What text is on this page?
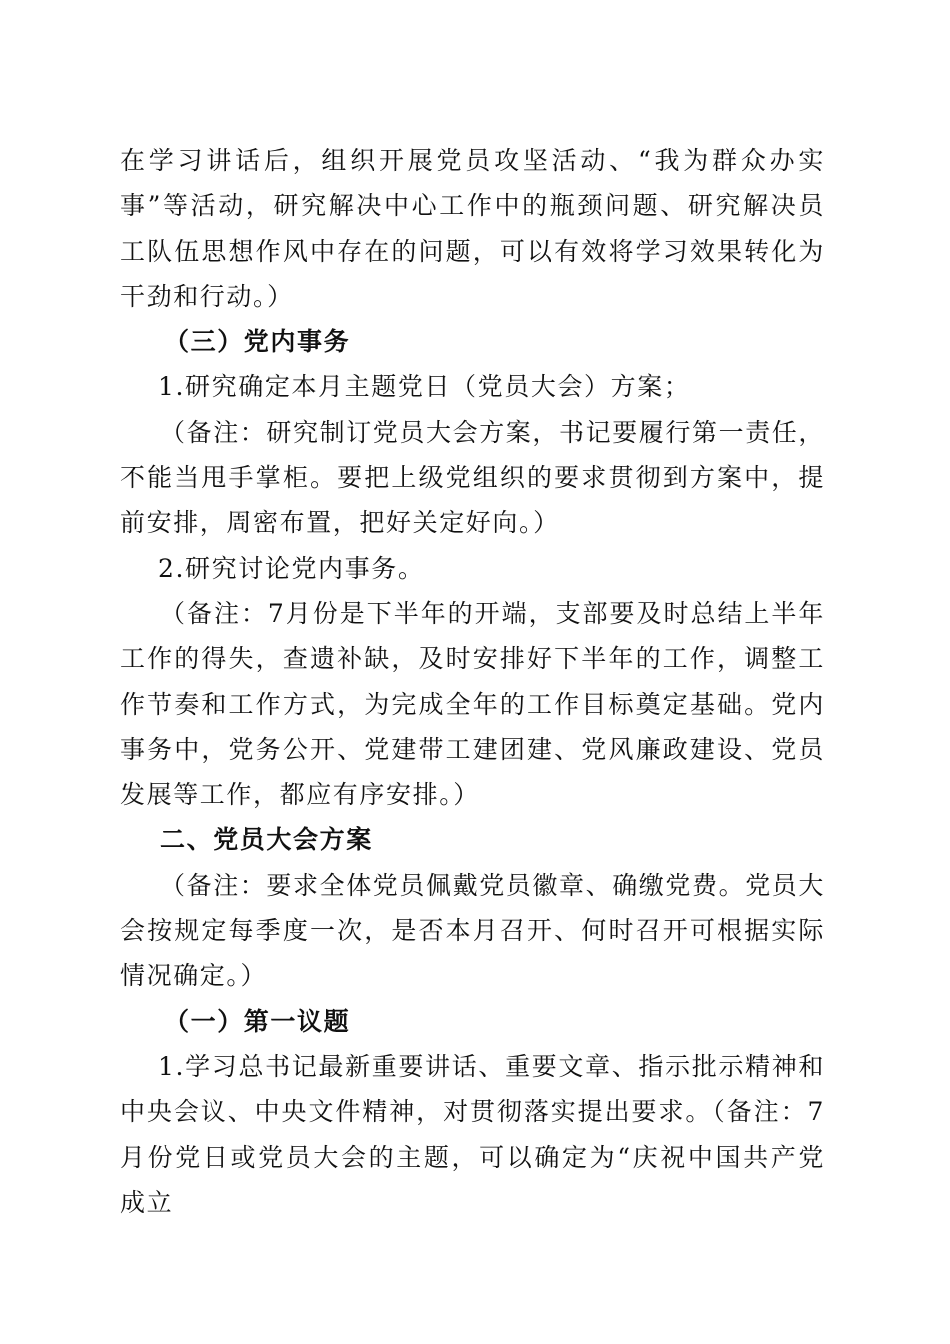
在学习讲话后，组织开展党员攻坚活动、“我为群众办实事”等活动，研究解决中心工作中的瓶颈问题、研究解决员工队伍思想作风中存在的问题，可以有效将学习效果转化为干劲和行动。）

（三）党内事务

1.研究确定本月主题党日（党员大会）方案；

（备注：研究制订党员大会方案，书记要履行第一责任，不能当甩手掌柜。要把上级党组织的要求贯彻到方案中，提前安排，周密布置，把好关定好向。）

2.研究讨论党内事务。

（备注：7月份是下半年的开端，支部要及时总结上半年工作的得失，查遗补缺，及时安排好下半年的工作，调整工作节奏和工作方式，为完成全年的工作目标奠定基础。党内事务中，党务公开、党建带工建团建、党风廉政建设、党员发展等工作，都应有序安排。）

二、党员大会方案

（备注：要求全体党员佩戴党员徽章、确缴党费。党员大会按规定每季度一次，是否本月召开、何时召开可根据实际情况确定。）

（一）第一议题

1.学习总书记最新重要讲话、重要文章、指示批示精神和中央会议、中央文件精神，对贯彻落实提出要求。（备注：7月份党日或党员大会的主题，可以确定为“庆祝中国共产党成立
